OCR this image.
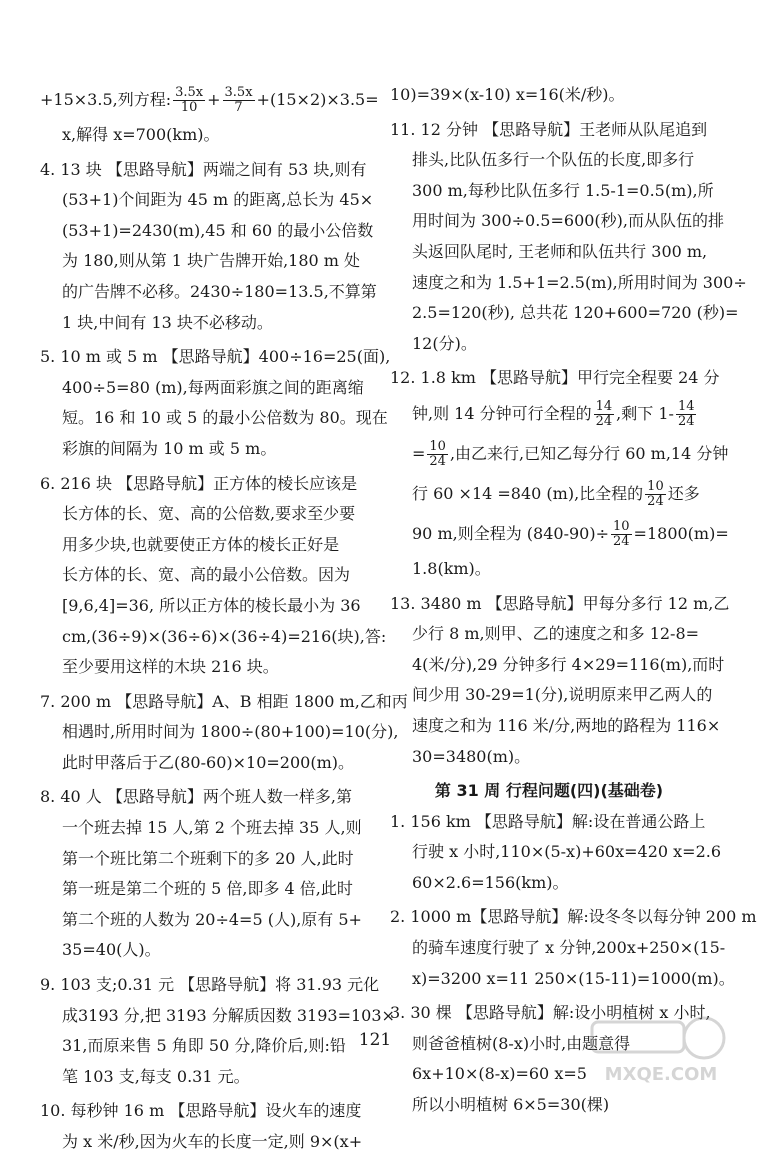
+15×3.5,列方程: $\frac{3.5x}{10} + \frac{3.5x}{7} +(15\times 2)\times 3.5=$
x,解得 x=700(km)。
4. 13 块 【思路导航】两端之间有 53 块,则有
(53+1)个间距为 45 m 的距离,总长为 45×
(53+1)=2430(m),45 和 60 的最小公倍数
为 180,则从第 1 块广告牌开始,180 m 处
的广告牌不必移。2430÷180=13.5,不算第
1 块,中间有 13 块不必移动。
5. 10 m 或 5 m 【思路导航】400÷16=25(面),
400÷5=80 (m),每两面彩旗之间的距离缩
短。16 和 10 或 5 的最小公倍数为 80。现在
彩旗的间隔为 10 m 或 5 m。
6. 216 块 【思路导航】正方体的棱长应该是
长方体的长、宽、高的公倍数,要求至少要
用多少块,也就要使正方体的棱长正好是
长方体的长、宽、高的最小公倍数。因为
[9,6,4]=36, 所以正方体的棱长最小为 36
cm,(36÷9)×(36÷6)×(36÷4)=216(块),答:
至少要用这样的木块 216 块。
7. 200 m 【思路导航】A、B 相距 1800 m,乙和丙
相遇时,所用时间为 1800÷(80+100)=10(分),
此时甲落后于乙(80-60)×10=200(m)。
8. 40 人 【思路导航】两个班人数一样多,第
一个班去掉 15 人,第 2 个班去掉 35 人,则
第一个班比第二个班剩下的多 20 人,此时
第一班是第二个班的 5 倍,即多 4 倍,此时
第二个班的人数为 20÷4=5 (人),原有 5+
35=40(人)。
9. 103 支;0.31 元 【思路导航】将 31.93 元化
成3193 分,把 3193 分解质因数 3193=103×
31,而原来售 5 角即 50 分,降价后,则:铅
笔 103 支,每支 0.31 元。
10. 每秒钟 16 m 【思路导航】设火车的速度
为 x 米/秒,因为火车的长度一定,则 9×(x+
10)=39×(x-10) x=16(米/秒)。
11. 12 分钟 【思路导航】王老师从队尾追到
排头,比队伍多行一个队伍的长度,即多行
300 m,每秒比队伍多行 1.5-1=0.5(m),所
用时间为 300÷0.5=600(秒),而从队伍的排
头返回队尾时, 王老师和队伍共行 300 m,
速度之和为 1.5+1=2.5(m),所用时间为 300÷
2.5=120(秒), 总共花 120+600=720 (秒)=
12(分)。
12. 1.8 km 【思路导航】甲行完全程要 24 分
钟,则 14 分钟可行全程的 $\frac{14}{24}$ ,剩下 $1- \frac{14}{24}$
= $\frac{10}{24}$ ,由乙来行,已知乙每分行 60 m,14 分钟
行 60 ×14 =840 (m),比全程的 $\frac{10}{24}$ 还多
90 m,则全程为 $(840-90)\div \frac{10}{24} =1800(m)=$
1.8(km)。
13. 3480 m 【思路导航】甲每分多行 12 m,乙
少行 8 m,则甲、乙的速度之和多 12-8=
4(米/分),29 分钟多行 4×29=116(m),而时
间少用 30-29=1(分),说明原来甲乙两人的
速度之和为 116 米/分,两地的路程为 116×
30=3480(m)。
第 31 周 行程问题(四)(基础卷)
1. 156 km 【思路导航】解:设在普通公路上
行驶 x 小时,110×(5-x)+60x=420 x=2.6
60×2.6=156(km)。
2. 1000 m【思路导航】解:设冬冬以每分钟 200 m
的骑车速度行驶了 x 分钟,200x+250×(15-
x)=3200 x=11 250×(15-11)=1000(m)。
3. 30 棵 【思路导航】解:设小明植树 x 小时,
则爸爸植树(8-x)小时,由题意得
6x+10×(8-x)=60 x=5
所以小明植树 6×5=30(棵)
121
MXQE.COM
